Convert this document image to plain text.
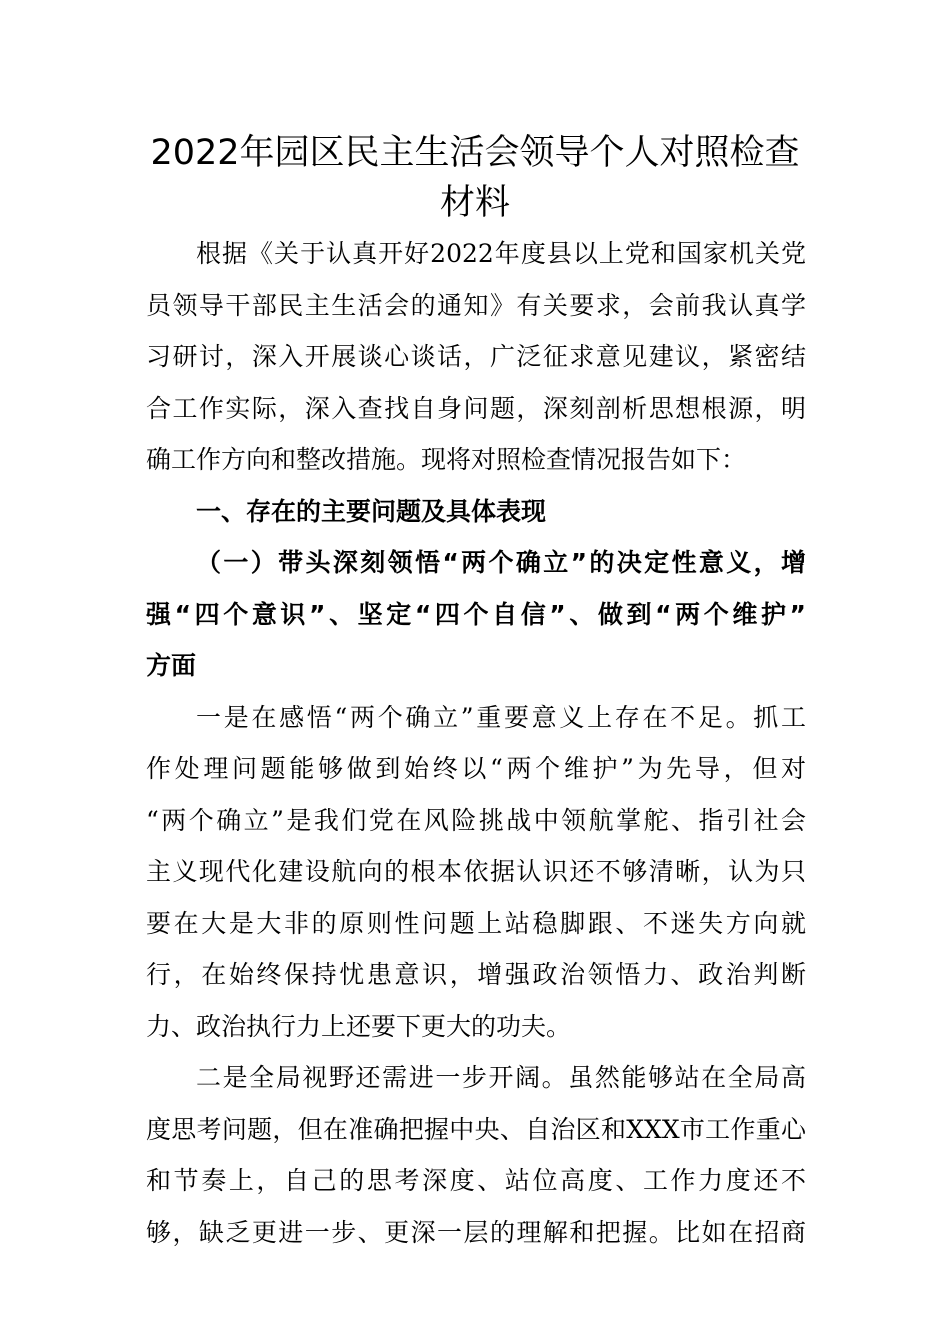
2022年园区民主生活会领导个人对照检查
材料

根据《关于认真开好2022年度县以上党和国家机关党

员领导干部民主生活会的通知》有关要求，会前我认真学

习研讨，深入开展谈心谈话，广泛征求意见建议，紧密结

合工作实际，深入查找自身问题，深刻剖析思想根源，明

确工作方向和整改措施。现将对照检查情况报告如下：

一、存在的主要问题及具体表现
（一）带头深刻领悟“两个确立”的决定性意义，增
强“四个意识”、坚定“四个自信”、做到“两个维护”
方面

一是在感悟“两个确立”重要意义上存在不足。抓工

作处理问题能够做到始终以“两个维护”为先导，但对

“两个确立”是我们党在风险挑战中领航掌舵、指引社会

主义现代化建设航向的根本依据认识还不够清晰，认为只

要在大是大非的原则性问题上站稳脚跟、不迷失方向就

行，在始终保持忧患意识，增强政治领悟力、政治判断

力、政治执行力上还要下更大的功夫。

二是全局视野还需进一步开阔。虽然能够站在全局高

度思考问题，但在准确把握中央、自治区和XXX市工作重心

和节奏上，自己的思考深度、站位高度、工作力度还不

够，缺乏更进一步、更深一层的理解和把握。比如在招商
